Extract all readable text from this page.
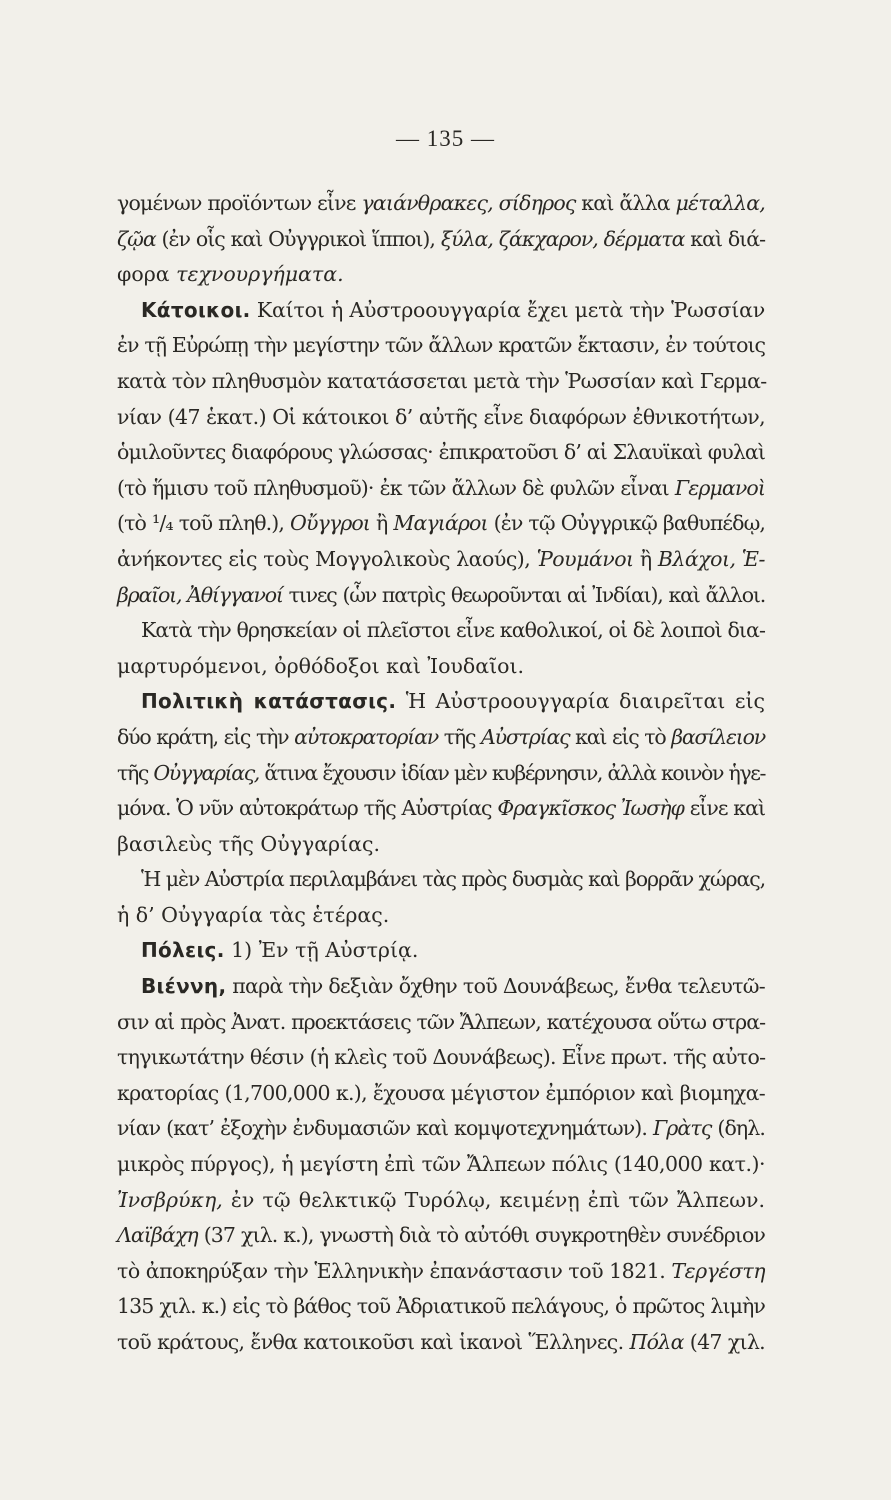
— 135 —
γομένων προϊόντων εἶνε γαιάνθρακες, σίδηρος καὶ ἄλλα μέταλλα,
ζῷα (ἐν οἷς καὶ Οὐγγρικοὶ ἵπποι), ξύλα, ζάκχαρον, δέρματα καὶ διά-
φορα τεχνουργήματα.
Κάτοικοι. Καίτοι ἡ Αὐστροουγγαρία ἔχει μετὰ τὴν Ῥωσσίαν
ἐν τῇ Εὐρώπῃ τὴν μεγίστην τῶν ἄλλων κρατῶν ἔκτασιν, ἐν τούτοις
κατὰ τὸν πληθυσμὸν κατατάσσεται μετὰ τὴν Ῥωσσίαν καὶ Γερμα-
νίαν (47 ἑκατ.) Οἱ κάτοικοι δ’ αὐτῆς εἶνε διαφόρων ἐθνικοτήτων,
ὁμιλοῦντες διαφόρους γλώσσας· ἐπικρατοῦσι δ’ αἱ Σλαυϊκαὶ φυλαὶ
(τὸ ἥμισυ τοῦ πληθυσμοῦ)· ἐκ τῶν ἄλλων δὲ φυλῶν εἶναι Γερμανοὶ
(τὸ ¹/₄ τοῦ πληθ.), Οὔγγροι ἢ Μαγιάροι (ἐν τῷ Οὐγγρικῷ βαθυπέδῳ,
ἀνήκοντες εἰς τοὺς Μογγολικοὺς λαούς), Ῥουμάνοι ἢ Βλάχοι, Ἑ-
βραῖοι, Ἀθίγγανοί τινες (ὧν πατρὶς θεωροῦνται αἱ Ἰνδίαι), καὶ ἄλλοι.
Κατὰ τὴν θρησκείαν οἱ πλεῖστοι εἶνε καθολικοί, οἱ δὲ λοιποὶ δια-
μαρτυρόμενοι, ὀρθόδοξοι καὶ Ἰουδαῖοι.
Πολιτικὴ κατάστασις. Ἡ Αὐστροουγγαρία διαιρεῖται εἰς
δύο κράτη, εἰς τὴν αὐτοκρατορίαν τῆς Αὐστρίας καὶ εἰς τὸ βασίλειον
τῆς Οὐγγαρίας, ἅτινα ἔχουσιν ἰδίαν μὲν κυβέρνησιν, ἀλλὰ κοινὸν ἡγε-
μόνα. Ὁ νῦν αὐτοκράτωρ τῆς Αὐστρίας Φραγκῖσκος Ἰωσὴφ εἶνε καὶ
βασιλεὺς τῆς Οὐγγαρίας.
Ἡ μὲν Αὐστρία περιλαμβάνει τὰς πρὸς δυσμὰς καὶ βορρᾶν χώρας,
ἡ δ’ Οὐγγαρία τὰς ἑτέρας.
Πόλεις. 1) Ἐν τῇ Αὐστρίᾳ.
Βιέννη, παρὰ τὴν δεξιὰν ὄχθην τοῦ Δουνάβεως, ἔνθα τελευτῶ-
σιν αἱ πρὸς Ἀνατ. προεκτάσεις τῶν Ἄλπεων, κατέχουσα οὕτω στρα-
τηγικωτάτην θέσιν (ἡ κλεὶς τοῦ Δουνάβεως). Εἶνε πρωτ. τῆς αὐτο-
κρατορίας (1,700,000 κ.), ἔχουσα μέγιστον ἐμπόριον καὶ βιομηχα-
νίαν (κατ’ ἐξοχὴν ἐνδυμασιῶν καὶ κομψοτεχνημάτων). Γρὰτς (δηλ.
μικρὸς πύργος), ἡ μεγίστη ἐπὶ τῶν Ἄλπεων πόλις (140,000 κατ.)·
Ἰνσβρύκη, ἐν τῷ θελκτικῷ Τυρόλῳ, κειμένῃ ἐπὶ τῶν Ἄλπεων.
Λαϊβάχη (37 χιλ. κ.), γνωστὴ διὰ τὸ αὐτόθι συγκροτηθὲν συνέδριον
τὸ ἀποκηρύξαν τὴν Ἑλληνικὴν ἐπανάστασιν τοῦ 1821. Τεργέστη
135 χιλ. κ.) εἰς τὸ βάθος τοῦ Ἀδριατικοῦ πελάγους, ὁ πρῶτος λιμὴν
τοῦ κράτους, ἔνθα κατοικοῦσι καὶ ἱκανοὶ Ἕλληνες. Πόλα (47 χιλ.
